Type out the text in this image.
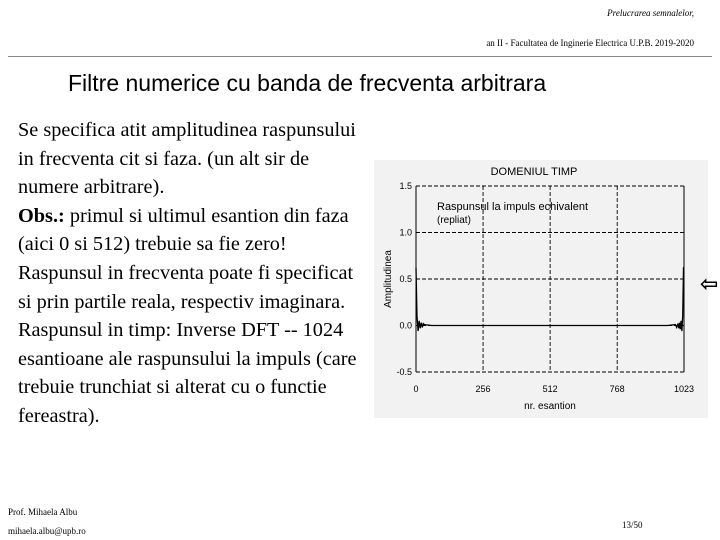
Prelucrarea semnalelor,
an II - Facultatea de Inginerie Electrica U.P.B. 2019-2020
Filtre numerice cu banda de frecventa arbitrara

Se specifica atit amplitudinea raspunsului in frecventa cit si faza. (un alt sir de numere arbitrare).

Obs.: primul si ultimul esantion din faza (aici 0 si 512) trebuie sa fie zero!

Raspunsul in frecventa poate fi specificat si prin partile reala, respectiv imaginara.

Raspunsul in timp: Inverse DFT -- 1024 esantioane ale raspunsului la impuls (care trebuie trunchiat si alterat cu o functie fereastra).

DOMENIUL TIMP
-0.5
0.0
0.5
1.0
1.5
0	256	512	768	1023
Amplitudinea
nr. esantion
Raspunsul la impuls echivalent
(repliat)
⇦
Prof. Mihaela Albu
mihaela.albu@upb.ro
13/50
